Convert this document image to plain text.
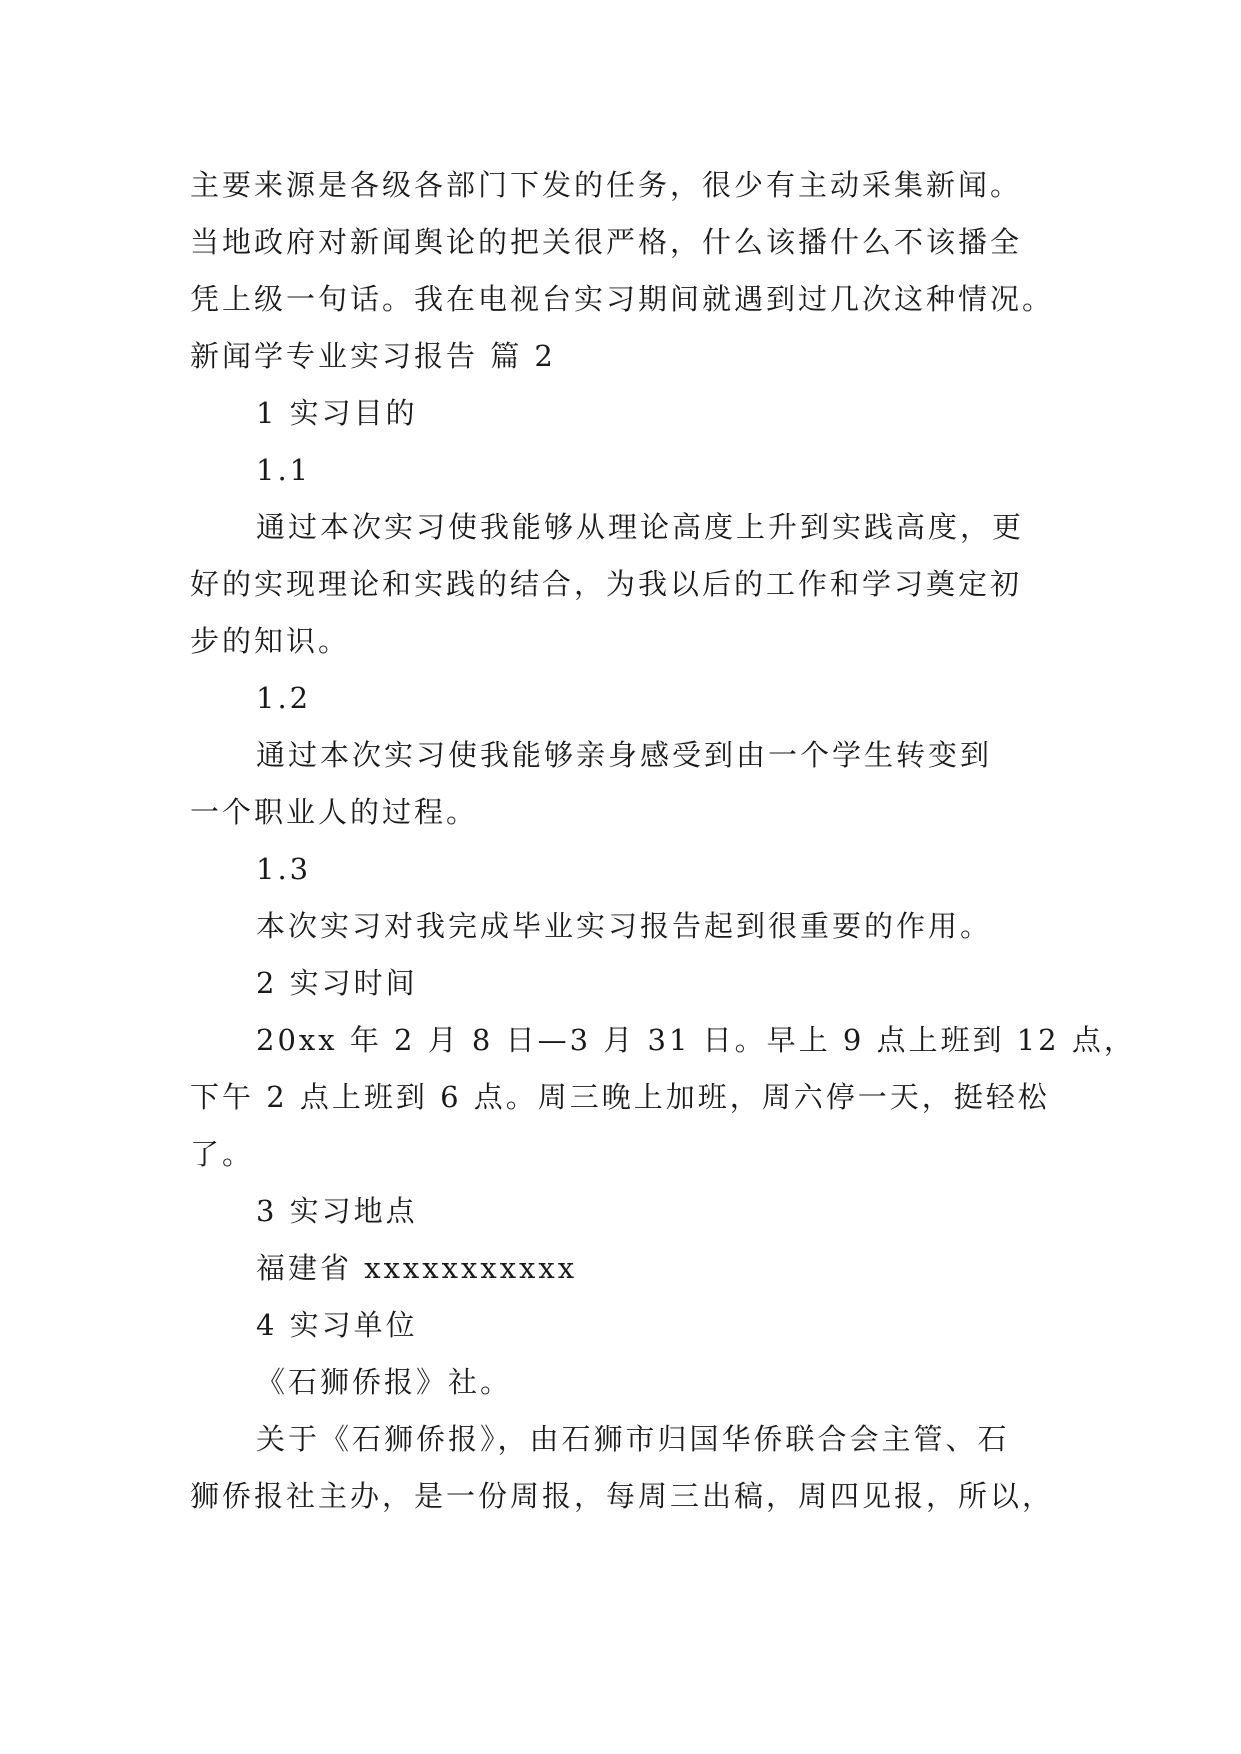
主要来源是各级各部门下发的任务，很少有主动采集新闻。
当地政府对新闻舆论的把关很严格，什么该播什么不该播全
凭上级一句话。我在电视台实习期间就遇到过几次这种情况。
新闻学专业实习报告 篇 2
1 实习目的
1.1
通过本次实习使我能够从理论高度上升到实践高度，更
好的实现理论和实践的结合，为我以后的工作和学习奠定初
步的知识。
1.2
通过本次实习使我能够亲身感受到由一个学生转变到
一个职业人的过程。
1.3
本次实习对我完成毕业实习报告起到很重要的作用。
2 实习时间
20xx 年 2 月 8 日—3 月 31 日。早上 9 点上班到 12 点，
下午 2 点上班到 6 点。周三晚上加班，周六停一天，挺轻松
了。
3 实习地点
福建省 xxxxxxxxxxx
4 实习单位
《石狮侨报》社。
关于《石狮侨报》，由石狮市归国华侨联合会主管、石
狮侨报社主办，是一份周报，每周三出稿，周四见报，所以，
